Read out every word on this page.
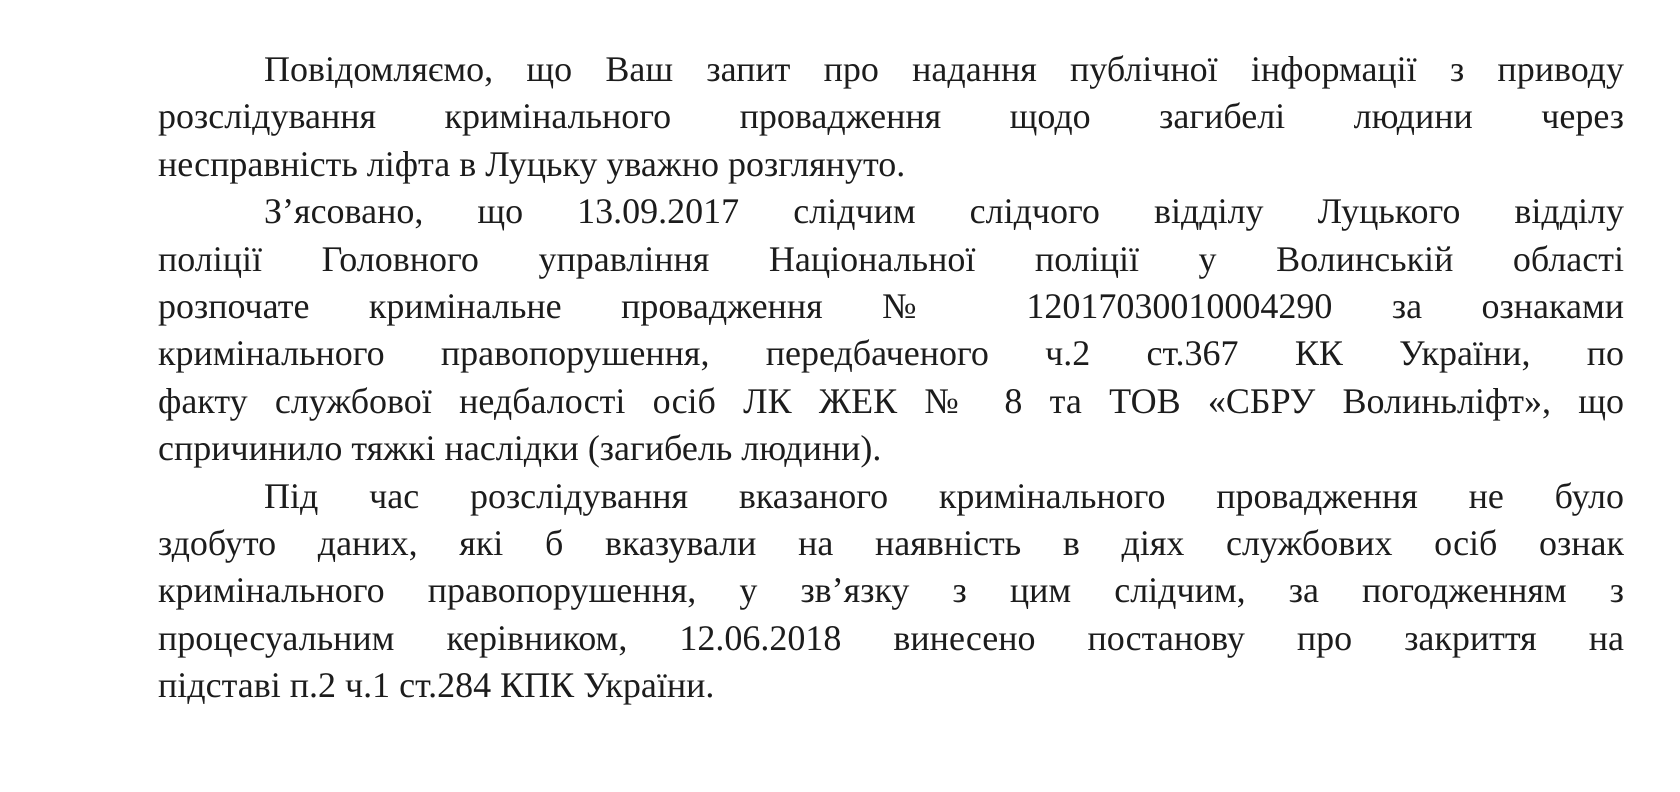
Повідомляємо, що Ваш запит про надання публічної інформації з приводу
розслідування кримінального провадження щодо загибелі людини через
несправність ліфта в Луцьку уважно розглянуто.
З’ясовано, що 13.09.2017 слідчим слідчого відділу Луцького відділу
поліції Головного управління Національної поліції у Волинській області
розпочате кримінальне провадження № 12017030010004290 за ознаками
кримінального правопорушення, передбаченого ч.2 ст.367 КК України, по
факту службової недбалості осіб ЛК ЖЕК № 8 та ТОВ «СБРУ Волиньліфт», що
спричинило тяжкі наслідки (загибель людини).
Під час розслідування вказаного кримінального провадження не було
здобуто даних, які б вказували на наявність в діях службових осіб ознак
кримінального правопорушення, у зв’язку з цим слідчим, за погодженням з
процесуальним керівником, 12.06.2018 винесено постанову про закриття на
підставі п.2 ч.1 ст.284 КПК України.
